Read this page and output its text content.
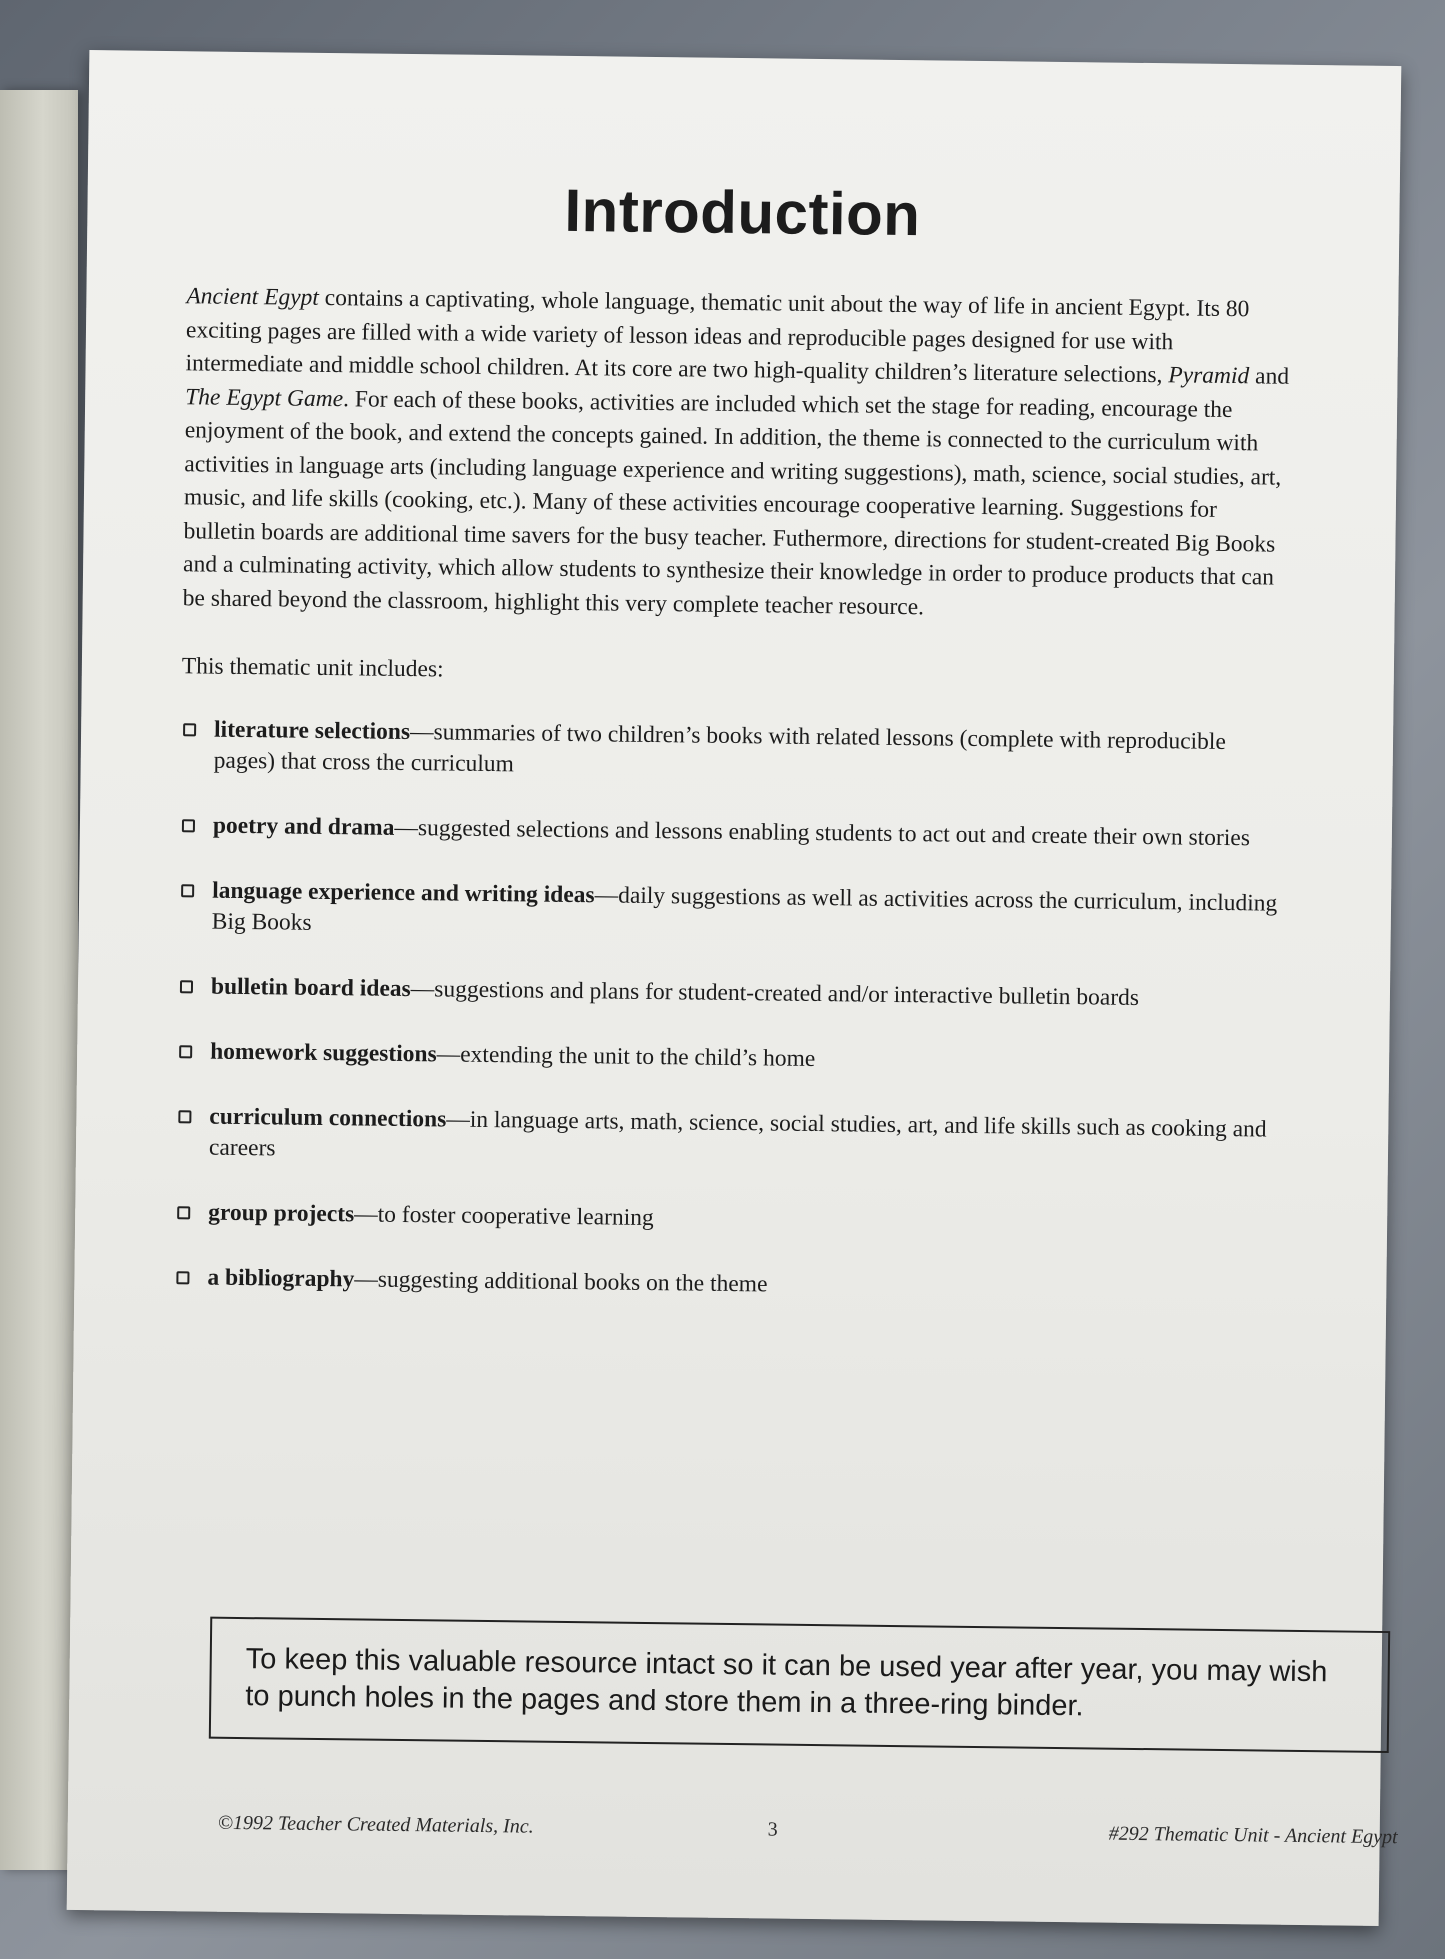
Introduction

Ancient Egypt contains a captivating, whole language, thematic unit about the way of life in ancient Egypt. Its 80 exciting pages are filled with a wide variety of lesson ideas and reproducible pages designed for use with intermediate and middle school children. At its core are two high-quality children’s literature selections, Pyramid and The Egypt Game. For each of these books, activities are included which set the stage for reading, encourage the enjoyment of the book, and extend the concepts gained. In addition, the theme is connected to the curriculum with activities in language arts (including language experience and writing suggestions), math, science, social studies, art, music, and life skills (cooking, etc.). Many of these activities encourage cooperative learning. Suggestions for bulletin boards are additional time savers for the busy teacher. Futhermore, directions for student-created Big Books and a culminating activity, which allow students to synthesize their knowledge in order to produce products that can be shared beyond the classroom, highlight this very complete teacher resource.

This thematic unit includes:

literature selections—summaries of two children’s books with related lessons (complete with reproducible pages) that cross the curriculum
poetry and drama—suggested selections and lessons enabling students to act out and create their own stories
language experience and writing ideas—daily suggestions as well as activities across the curriculum, including Big Books
bulletin board ideas—suggestions and plans for student-created and/or interactive bulletin boards
homework suggestions—extending the unit to the child’s home
curriculum connections—in language arts, math, science, social studies, art, and life skills such as cooking and careers
group projects—to foster cooperative learning
a bibliography—suggesting additional books on the theme
To keep this valuable resource intact so it can be used year after year, you may wish to punch holes in the pages and store them in a three-ring binder.
©1992 Teacher Created Materials, Inc.	3	#292 Thematic Unit - Ancient Egypt
